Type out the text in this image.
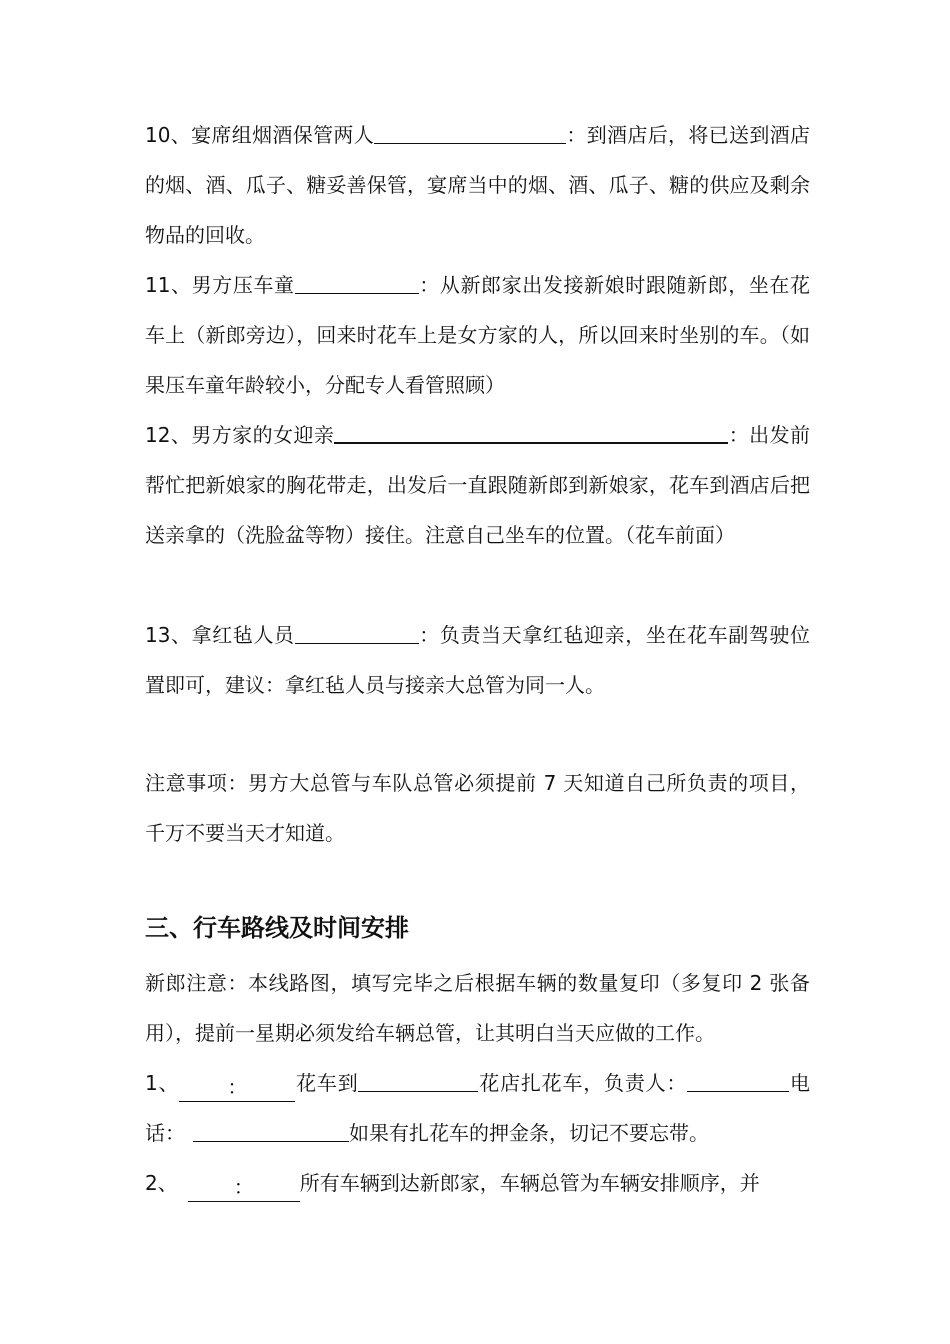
10、宴席组烟酒保管两人	：到酒店后，将已送到酒店的烟、酒、瓜子、糖妥善保管，宴席当中的烟、酒、瓜子、糖的供应及剩余物品的回收。

11、男方压车童	：从新郎家出发接新娘时跟随新郎，坐在花车上（新郎旁边），回来时花车上是女方家的人，所以回来时坐别的车。（如果压车童年龄较小，分配专人看管照顾）

12、男方家的女迎亲	：出发前帮忙把新娘家的胸花带走，出发后一直跟随新郎到新娘家，花车到酒店后把送亲拿的（洗脸盆等物）接住。注意自己坐车的位置。（花车前面）

13、拿红毡人员	：负责当天拿红毡迎亲，坐在花车副驾驶位置即可，建议：拿红毡人员与接亲大总管为同一人。

注意事项：男方大总管与车队总管必须提前 7 天知道自己所负责的项目，千万不要当天才知道。

三、行车路线及时间安排

新郎注意：本线路图，填写完毕之后根据车辆的数量复印（多复印 2 张备用），提前一星期必须发给车辆总管，让其明白当天应做的工作。

1、 ： 花车到	花店扎花车，负责人：	电话：	如果有扎花车的押金条，切记不要忘带。

2、	： 所有车辆到达新郎家，车辆总管为车辆安排顺序，并
